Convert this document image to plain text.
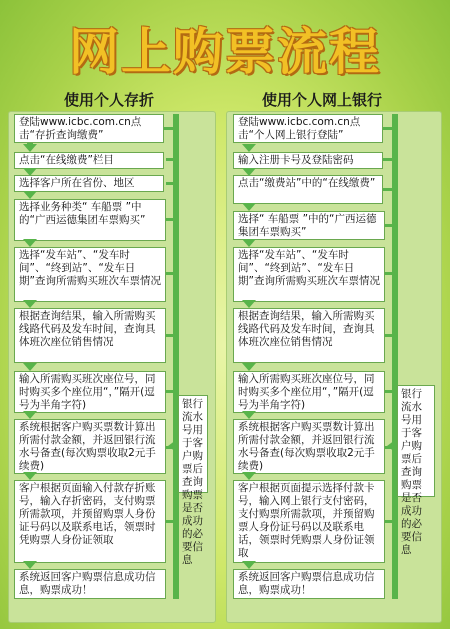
网上购票流程
使用个人存折	使用个人网上银行
登陆www.icbc.com.cn点击“存折查询缴费”
点击“在线缴费”栏目
选择客户所在省份、地区
选择业务种类“ 车船票 ”中的“广西运德集团车票购买”
选择“发车站”、“发车时间”、“终到站”、“发车日期”查询所需购买班次车票情况
根据查询结果，输入所需购买线路代码及发车时间，查询具体班次座位销售情况
输入所需购买班次座位号，同时购买多个座位用“，”隔开(逗号为半角字符)
系统根据客户购买票数计算出所需付款金额，并返回银行流水号备查(每次购票收取2元手续费)
客户根据页面输入付款存折账号，输入存折密码，支付购票所需款项，并预留购票人身份证号码以及联系电话，领票时凭购票人身份证领取
系统返回客户购票信息成功信息，购票成功！
银行流水号用于客户购票后查询购票是否成功的必要信息
登陆www.icbc.com.cn点击“个人网上银行登陆”
输入注册卡号及登陆密码
点击“缴费站”中的“在线缴费”
选择“ 车船票 ”中的“广西运德集团车票购买”
选择“发车站”、“发车时间”、“终到站”、“发车日期”查询所需购买班次车票情况
根据查询结果，输入所需购买线路代码及发车时间，查询具体班次座位销售情况
输入所需购买班次座位号，同时购买多个座位用“，”隔开(逗号为半角字符)
系统根据客户购买票数计算出所需付款金额，并返回银行流水号备查(每次购票收取2元手续费)
客户根据页面提示选择付款卡号，输入网上银行支付密码，支付购票所需款项，并预留购票人身份证号码以及联系电话，领票时凭购票人身份证领取
系统返回客户购票信息成功信息，购票成功！
银行流水号用于客户购票后查询购票是否成功的必要信息
